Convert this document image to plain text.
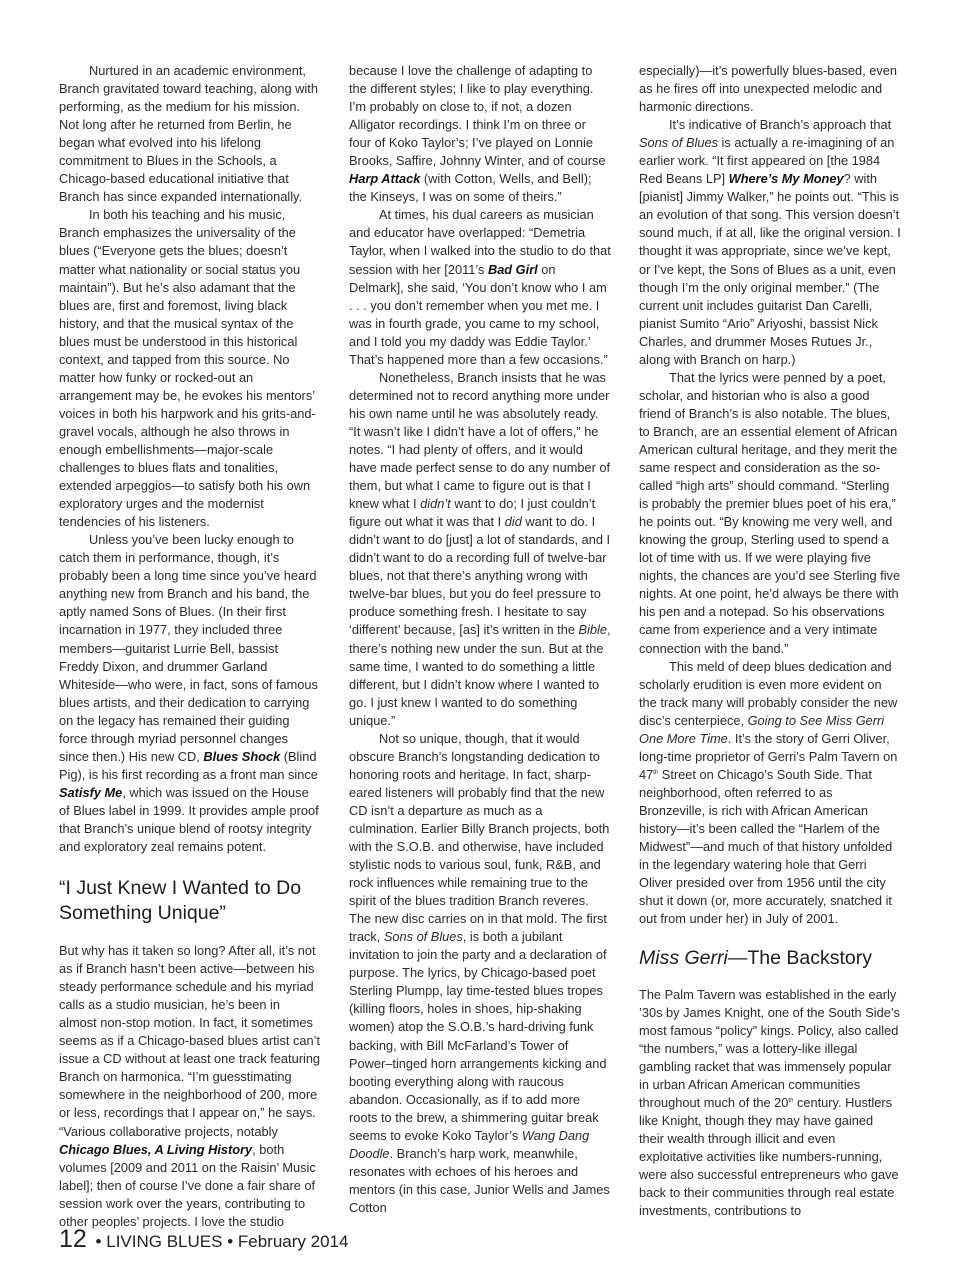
Nurtured in an academic environment, Branch gravitated toward teaching, along with performing, as the medium for his mission. Not long after he returned from Berlin, he began what evolved into his lifelong commitment to Blues in the Schools, a Chicago-based educational initiative that Branch has since expanded internationally.

In both his teaching and his music, Branch emphasizes the universality of the blues (“Everyone gets the blues; doesn’t matter what nationality or social status you maintain”). But he’s also adamant that the blues are, first and foremost, living black history, and that the musical syntax of the blues must be understood in this historical context, and tapped from this source. No matter how funky or rocked-out an arrangement may be, he evokes his mentors’ voices in both his harpwork and his grits-and-gravel vocals, although he also throws in enough embellishments—major-scale challenges to blues flats and tonalities, extended arpeggios—to satisfy both his own exploratory urges and the modernist tendencies of his listeners.

Unless you’ve been lucky enough to catch them in performance, though, it’s probably been a long time since you’ve heard anything new from Branch and his band, the aptly named Sons of Blues. (In their first incarnation in 1977, they included three members—guitarist Lurrie Bell, bassist Freddy Dixon, and drummer Garland Whiteside—who were, in fact, sons of famous blues artists, and their dedication to carrying on the legacy has remained their guiding force through myriad personnel changes since then.) His new CD, Blues Shock (Blind Pig), is his first recording as a front man since Satisfy Me, which was issued on the House of Blues label in 1999. It provides ample proof that Branch’s unique blend of rootsy integrity and exploratory zeal remains potent.

“I Just Knew I Wanted to Do Something Unique”

But why has it taken so long? After all, it’s not as if Branch hasn’t been active—between his steady performance schedule and his myriad calls as a studio musician, he’s been in almost non-stop motion. In fact, it sometimes seems as if a Chicago-based blues artist can’t issue a CD without at least one track featuring Branch on harmonica. “I’m guesstimating somewhere in the neighborhood of 200, more or less, recordings that I appear on,” he says. “Various collaborative projects, notably Chicago Blues, A Living History, both volumes [2009 and 2011 on the Raisin’ Music label]; then of course I’ve done a fair share of session work over the years, contributing to other peoples’ projects. I love the studio

because I love the challenge of adapting to the different styles; I like to play everything. I’m probably on close to, if not, a dozen Alligator recordings. I think I’m on three or four of Koko Taylor’s; I’ve played on Lonnie Brooks, Saffire, Johnny Winter, and of course Harp Attack (with Cotton, Wells, and Bell); the Kinseys, I was on some of theirs.”

At times, his dual careers as musician and educator have overlapped: “Demetria Taylor, when I walked into the studio to do that session with her [2011’s Bad Girl on Delmark], she said, ‘You don’t know who I am . . . you don’t remember when you met me. I was in fourth grade, you came to my school, and I told you my daddy was Eddie Taylor.’ That’s happened more than a few occasions.”

Nonetheless, Branch insists that he was determined not to record anything more under his own name until he was absolutely ready. “It wasn’t like I didn’t have a lot of offers,” he notes. “I had plenty of offers, and it would have made perfect sense to do any number of them, but what I came to figure out is that I knew what I didn’t want to do; I just couldn’t figure out what it was that I did want to do. I didn’t want to do [just] a lot of standards, and I didn’t want to do a recording full of twelve-bar blues, not that there’s anything wrong with twelve-bar blues, but you do feel pressure to produce something fresh. I hesitate to say ‘different’ because, [as] it’s written in the Bible, there’s nothing new under the sun. But at the same time, I wanted to do something a little different, but I didn’t know where I wanted to go. I just knew I wanted to do something unique.”

Not so unique, though, that it would obscure Branch’s longstanding dedication to honoring roots and heritage. In fact, sharp-eared listeners will probably find that the new CD isn’t a departure as much as a culmination. Earlier Billy Branch projects, both with the S.O.B. and otherwise, have included stylistic nods to various soul, funk, R&B, and rock influences while remaining true to the spirit of the blues tradition Branch reveres. The new disc carries on in that mold. The first track, Sons of Blues, is both a jubilant invitation to join the party and a declaration of purpose. The lyrics, by Chicago-based poet Sterling Plumpp, lay time-tested blues tropes (killing floors, holes in shoes, hip-shaking women) atop the S.O.B.’s hard-driving funk backing, with Bill McFarland’s Tower of Power–tinged horn arrangements kicking and booting everything along with raucous abandon. Occasionally, as if to add more roots to the brew, a shimmering guitar break seems to evoke Koko Taylor’s Wang Dang Doodle. Branch’s harp work, meanwhile, resonates with echoes of his heroes and mentors (in this case, Junior Wells and James Cotton

especially)—it’s powerfully blues-based, even as he fires off into unexpected melodic and harmonic directions.

It’s indicative of Branch’s approach that Sons of Blues is actually a re-imagining of an earlier work. “It first appeared on [the 1984 Red Beans LP] Where’s My Money? with [pianist] Jimmy Walker,” he points out. “This is an evolution of that song. This version doesn’t sound much, if at all, like the original version. I thought it was appropriate, since we’ve kept, or I’ve kept, the Sons of Blues as a unit, even though I’m the only original member.” (The current unit includes guitarist Dan Carelli, pianist Sumito “Ario” Ariyoshi, bassist Nick Charles, and drummer Moses Rutues Jr., along with Branch on harp.)

That the lyrics were penned by a poet, scholar, and historian who is also a good friend of Branch’s is also notable. The blues, to Branch, are an essential element of African American cultural heritage, and they merit the same respect and consideration as the so-called “high arts” should command. “Sterling is probably the premier blues poet of his era,” he points out. “By knowing me very well, and knowing the group, Sterling used to spend a lot of time with us. If we were playing five nights, the chances are you’d see Sterling five nights. At one point, he’d always be there with his pen and a notepad. So his observations came from experience and a very intimate connection with the band.”

This meld of deep blues dedication and scholarly erudition is even more evident on the track many will probably consider the new disc’s centerpiece, Going to See Miss Gerri One More Time. It’s the story of Gerri Oliver, long-time proprietor of Gerri’s Palm Tavern on 47th Street on Chicago’s South Side. That neighborhood, often referred to as Bronzeville, is rich with African American history—it’s been called the “Harlem of the Midwest”—and much of that history unfolded in the legendary watering hole that Gerri Oliver presided over from 1956 until the city shut it down (or, more accurately, snatched it out from under her) in July of 2001.

Miss Gerri—The Backstory

The Palm Tavern was established in the early ’30s by James Knight, one of the South Side’s most famous “policy” kings. Policy, also called “the numbers,” was a lottery-like illegal gambling racket that was immensely popular in urban African American communities throughout much of the 20th century. Hustlers like Knight, though they may have gained their wealth through illicit and even exploitative activities like numbers-running, were also successful entrepreneurs who gave back to their communities through real estate investments, contributions to

12 • LIVING BLUES • February 2014
